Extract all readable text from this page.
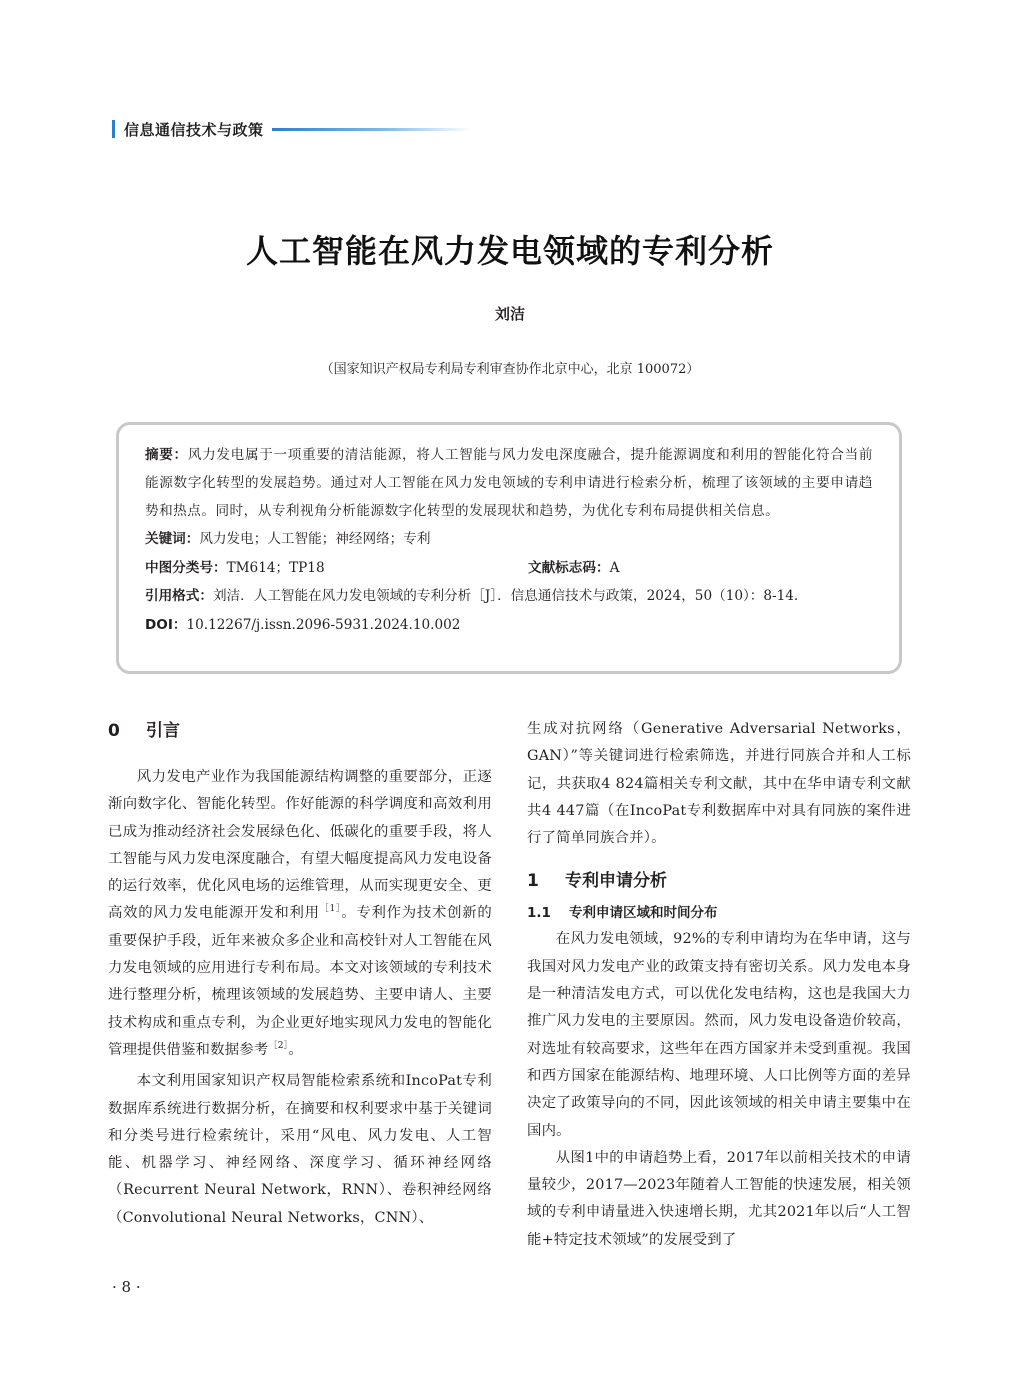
信息通信技术与政策
人工智能在风力发电领域的专利分析
刘洁
（国家知识产权局专利局专利审查协作北京中心，北京 100072）

摘要：风力发电属于一项重要的清洁能源，将人工智能与风力发电深度融合，提升能源调度和利用的智能化符合当前能源数字化转型的发展趋势。通过对人工智能在风力发电领域的专利申请进行检索分析，梳理了该领域的主要申请趋势和热点。同时，从专利视角分析能源数字化转型的发展现状和趋势，为优化专利布局提供相关信息。

关键词：风力发电；人工智能；神经网络；专利

中图分类号：TM614；TP18	文献标志码：A

引用格式：刘洁．人工智能在风力发电领域的专利分析［J］．信息通信技术与政策，2024，50（10）：8-14.

DOI：10.12267/j.issn.2096-5931.2024.10.002

0 引言

风力发电产业作为我国能源结构调整的重要部分，正逐渐向数字化、智能化转型。作好能源的科学调度和高效利用已成为推动经济社会发展绿色化、低碳化的重要手段，将人工智能与风力发电深度融合，有望大幅度提高风力发电设备的运行效率，优化风电场的运维管理，从而实现更安全、更高效的风力发电能源开发和利用$^{[1]}$。专利作为技术创新的重要保护手段，近年来被众多企业和高校针对人工智能在风力发电领域的应用进行专利布局。本文对该领域的专利技术进行整理分析，梳理该领域的发展趋势、主要申请人、主要技术构成和重点专利，为企业更好地实现风力发电的智能化管理提供借鉴和数据参考$^{[2]}$。

本文利用国家知识产权局智能检索系统和IncoPat专利数据库系统进行数据分析，在摘要和权利要求中基于关键词和分类号进行检索统计，采用“风电、风力发电、人工智能、机器学习、神经网络、深度学习、循环神经网络（Recurrent Neural Network，RNN）、卷积神经网络（Convolutional Neural Networks，CNN）、

生成对抗网络（Generative Adversarial Networks，GAN）”等关键词进行检索筛选，并进行同族合并和人工标记，共获取4 824篇相关专利文献，其中在华申请专利文献共4 447篇（在IncoPat专利数据库中对具有同族的案件进行了简单同族合并）。

1 专利申请分析
1.1 专利申请区域和时间分布

在风力发电领域，92%的专利申请均为在华申请，这与我国对风力发电产业的政策支持有密切关系。风力发电本身是一种清洁发电方式，可以优化发电结构，这也是我国大力推广风力发电的主要原因。然而，风力发电设备造价较高，对选址有较高要求，这些年在西方国家并未受到重视。我国和西方国家在能源结构、地理环境、人口比例等方面的差异决定了政策导向的不同，因此该领域的相关申请主要集中在国内。

从图1中的申请趋势上看，2017年以前相关技术的申请量较少，2017—2023年随着人工智能的快速发展，相关领域的专利申请量进入快速增长期，尤其2021年以后“人工智能+特定技术领域”的发展受到了

· 8 ·
